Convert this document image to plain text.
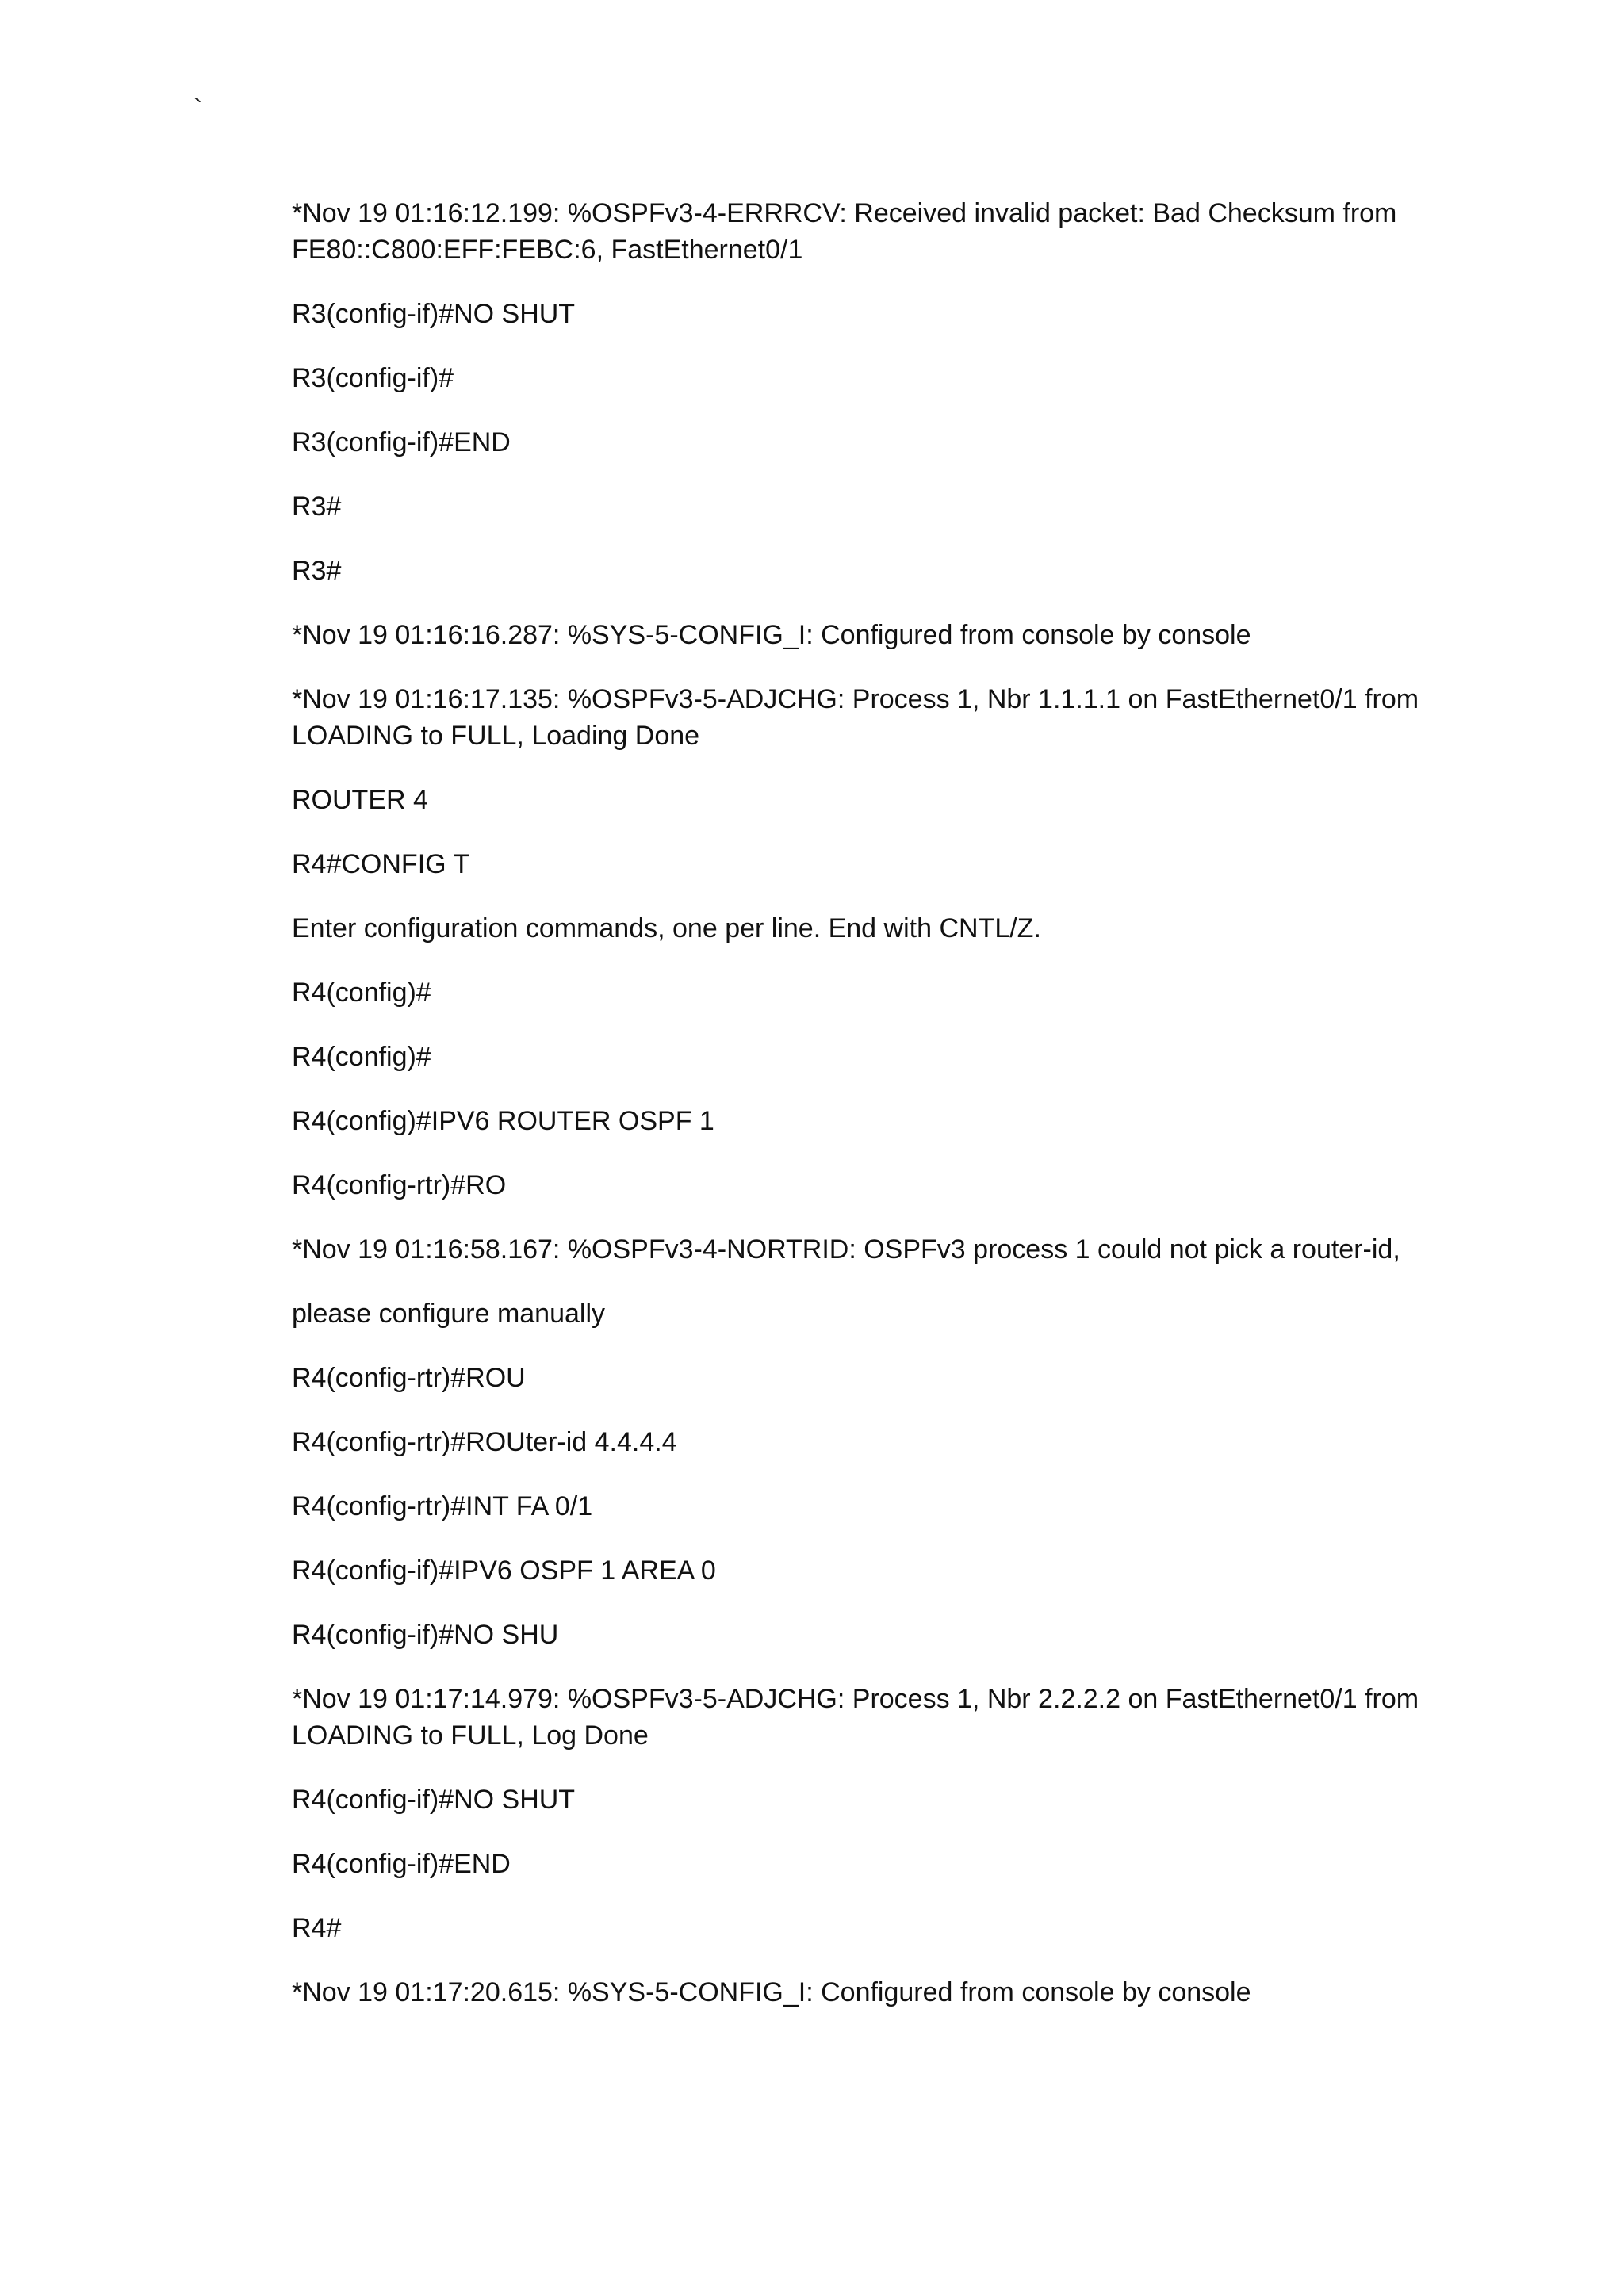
`

*Nov 19 01:16:12.199: %OSPFv3-4-ERRRCV: Received invalid packet: Bad Checksum from FE80::C800:EFF:FEBC:6, FastEthernet0/1

R3(config-if)#NO SHUT

R3(config-if)#

R3(config-if)#END

R3#

R3#

*Nov 19 01:16:16.287: %SYS-5-CONFIG_I: Configured from console by console

*Nov 19 01:16:17.135: %OSPFv3-5-ADJCHG: Process 1, Nbr 1.1.1.1 on FastEthernet0/1 from LOADING to FULL, Loading Done

ROUTER 4

R4#CONFIG T

Enter configuration commands, one per line. End with CNTL/Z.

R4(config)#

R4(config)#

R4(config)#IPV6 ROUTER OSPF 1

R4(config-rtr)#RO

*Nov 19 01:16:58.167: %OSPFv3-4-NORTRID: OSPFv3 process 1 could not pick a router-id,

please configure manually

R4(config-rtr)#ROU

R4(config-rtr)#ROUter-id 4.4.4.4

R4(config-rtr)#INT FA 0/1

R4(config-if)#IPV6 OSPF 1 AREA 0

R4(config-if)#NO SHU

*Nov 19 01:17:14.979: %OSPFv3-5-ADJCHG: Process 1, Nbr 2.2.2.2 on FastEthernet0/1 from LOADING to FULL, Log Done

R4(config-if)#NO SHUT

R4(config-if)#END

R4#

*Nov 19 01:17:20.615: %SYS-5-CONFIG_I: Configured from console by console
